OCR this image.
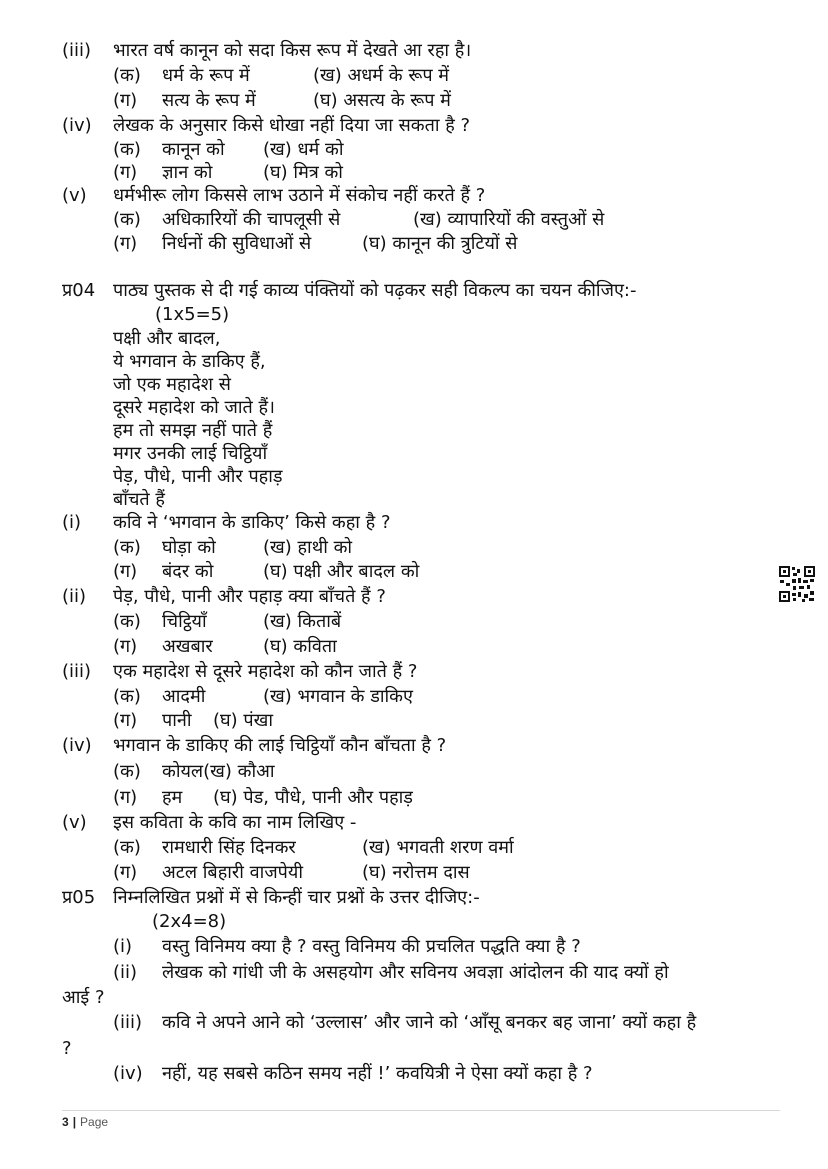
(iii) भारत वर्ष कानून को सदा किस रूप में देखते आ रहा है।
(क) धर्म के रूप में	(ख) अधर्म के रूप में
(ग) सत्य के रूप में	(घ) असत्य के रूप में
(iv) लेखक के अनुसार किसे धोखा नहीं दिया जा सकता है ?
(क) कानून को (ख) धर्म को
(ग) ज्ञान को	(घ) मित्र को
(v) धर्मभीरू लोग किससे लाभ उठाने में संकोच नहीं करते हैं ?
(क) अधिकारियों की चापलूसी से	(ख) व्यापारियों की वस्तुओं से
(ग) निर्धनों की सुविधाओं से	(घ) कानून की त्रुटियों से
प्र04 पाठ्य पुस्तक से दी गई काव्य पंक्तियों को पढ़कर सही विकल्प का चयन कीजिए:-
(1x5=5)
पक्षी और बादल,
ये भगवान के डाकिए हैं,
जो एक महादेश से
दूसरे महादेश को जाते हैं।
हम तो समझ नहीं पाते हैं
मगर उनकी लाई चिट्ठियाँ
पेड़, पौधे, पानी और पहाड़
बाँचते हैं
(i) कवि ने ‘भगवान के डाकिए’ किसे कहा है ?
(क) घोड़ा को	(ख) हाथी को
(ग) बंदर को	(घ) पक्षी और बादल को
(ii) पेड़, पौधे, पानी और पहाड़ क्या बाँचते हैं ?
(क) चिट्ठियाँ	(ख) किताबें
(ग) अखबार	(घ) कविता
(iii) एक महादेश से दूसरे महादेश को कौन जाते हैं ?
(क) आदमी	(ख) भगवान के डाकिए
(ग) पानी (घ) पंखा
(iv) भगवान के डाकिए की लाई चिट्ठियाँ कौन बाँचता है ?
(क) कोयल(ख) कौआ
(ग) हम (घ) पेड, पौधे, पानी और पहाड़
(v) इस कविता के कवि का नाम लिखिए -
(क) रामधारी सिंह दिनकर	(ख) भगवती शरण वर्मा
(ग) अटल बिहारी वाजपेयी	(घ) नरोत्तम दास
प्र05 निम्नलिखित प्रश्नों में से किन्हीं चार प्रश्नों के उत्तर दीजिए:-
(2x4=8)
(i) वस्तु विनिमय क्या है ? वस्तु विनिमय की प्रचलित पद्धति क्या है ?
(ii) लेखक को गांधी जी के असहयोग और सविनय अवज्ञा आंदोलन की याद क्यों हो
आई ?
(iii) कवि ने अपने आने को ‘उल्लास’ और जाने को ‘आँसू बनकर बह जाना’ क्यों कहा है
?
(iv) नहीं, यह सबसे कठिन समय नहीं !’ कवयित्री ने ऐसा क्यों कहा है ?
3 | Page
